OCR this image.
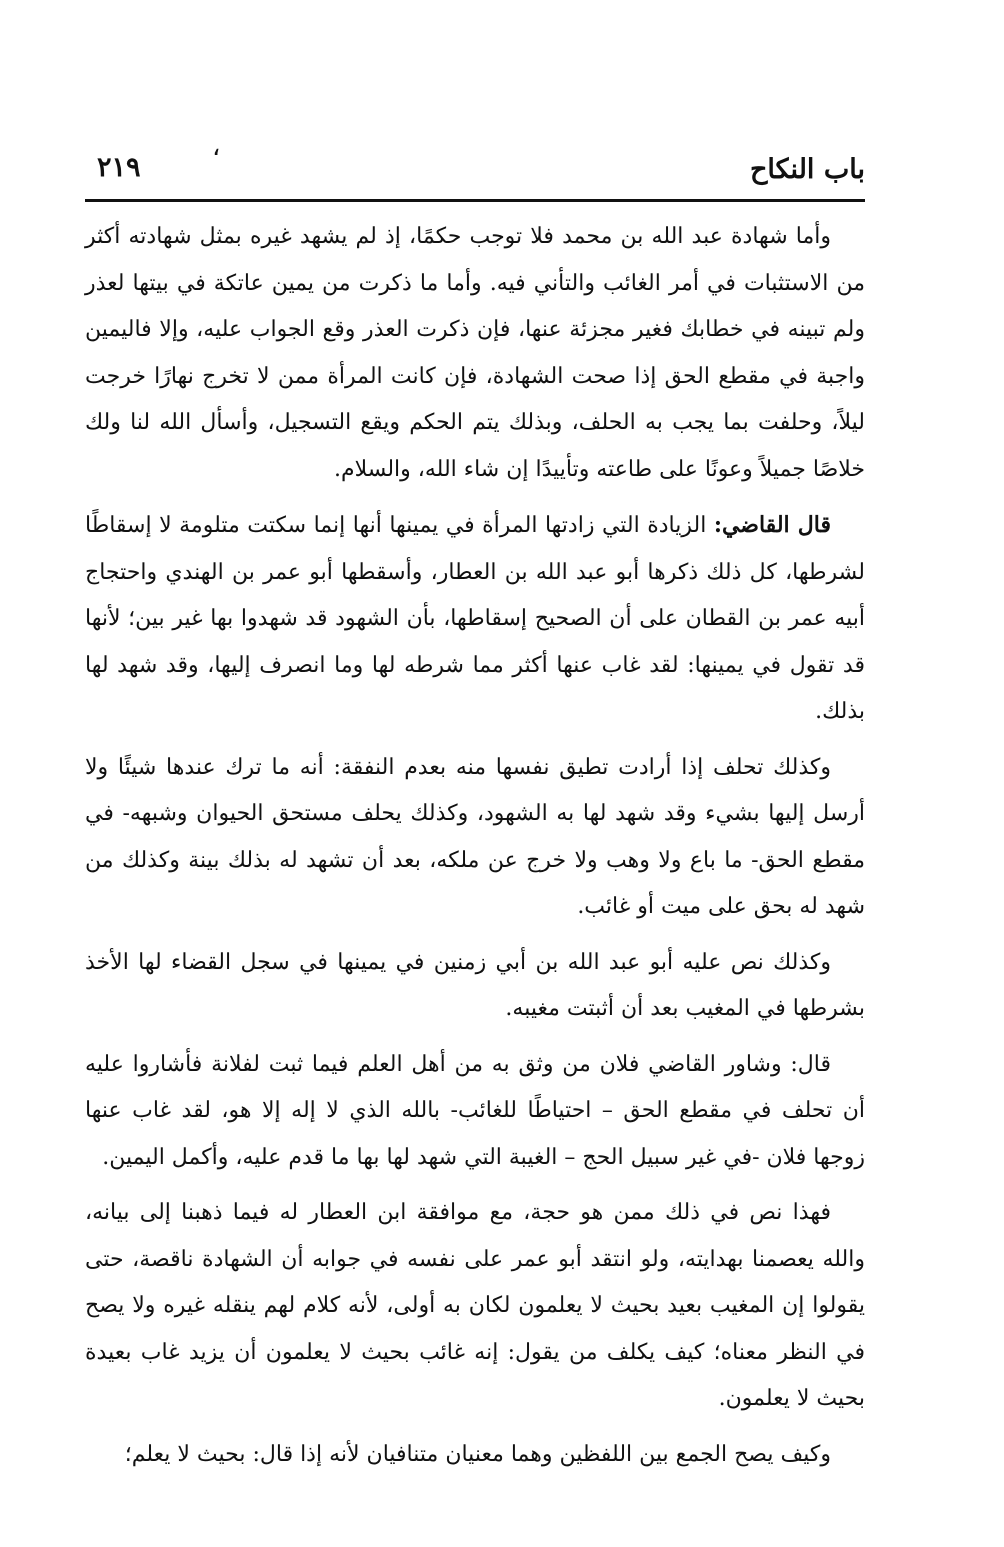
،
باب النكاح
٢١٩

وأما شهادة عبد الله بن محمد فلا توجب حكمًا، إذ لم يشهد غيره بمثل شهادته أكثر من الاستثبات في أمر الغائب والتأني فيه. وأما ما ذكرت من يمين عاتكة في بيتها لعذر ولم تبينه في خطابك فغير مجزئة عنها، فإن ذكرت العذر وقع الجواب عليه، وإلا فاليمين واجبة في مقطع الحق إذا صحت الشهادة، فإن كانت المرأة ممن لا تخرج نهارًا خرجت ليلاً، وحلفت بما يجب به الحلف، وبذلك يتم الحكم ويقع التسجيل، وأسأل الله لنا ولك خلاصًا جميلاً وعونًا على طاعته وتأييدًا إن شاء الله، والسلام.

قال القاضي: الزيادة التي زادتها المرأة في يمينها أنها إنما سكتت متلومة لا إسقاطًا لشرطها، كل ذلك ذكرها أبو عبد الله بن العطار، وأسقطها أبو عمر بن الهندي واحتجاج أبيه عمر بن القطان على أن الصحيح إسقاطها، بأن الشهود قد شهدوا بها غير بين؛ لأنها قد تقول في يمينها: لقد غاب عنها أكثر مما شرطه لها وما انصرف إليها، وقد شهد لها بذلك.

وكذلك تحلف إذا أرادت تطيق نفسها منه بعدم النفقة: أنه ما ترك عندها شيئًا ولا أرسل إليها بشيء وقد شهد لها به الشهود، وكذلك يحلف مستحق الحيوان وشبهه- في مقطع الحق- ما باع ولا وهب ولا خرج عن ملكه، بعد أن تشهد له بذلك بينة وكذلك من شهد له بحق على ميت أو غائب.

وكذلك نص عليه أبو عبد الله بن أبي زمنين في يمينها في سجل القضاء لها الأخذ بشرطها في المغيب بعد أن أثبتت مغيبه.

قال: وشاور القاضي فلان من وثق به من أهل العلم فيما ثبت لفلانة فأشاروا عليه أن تحلف في مقطع الحق – احتياطًا للغائب- بالله الذي لا إله إلا هو، لقد غاب عنها زوجها فلان -في غير سبيل الحج – الغيبة التي شهد لها بها ما قدم عليه، وأكمل اليمين.

فهذا نص في ذلك ممن هو حجة، مع موافقة ابن العطار له فيما ذهبنا إلى بيانه، والله يعصمنا بهدايته، ولو انتقد أبو عمر على نفسه في جوابه أن الشهادة ناقصة، حتى يقولوا إن المغيب بعيد بحيث لا يعلمون لكان به أولى، لأنه كلام لهم ينقله غيره ولا يصح في النظر معناه؛ كيف يكلف من يقول: إنه غائب بحيث لا يعلمون أن يزيد غاب بعيدة بحيث لا يعلمون.

وكيف يصح الجمع بين اللفظين وهما معنيان متنافيان لأنه إذا قال: بحيث لا يعلم؛
